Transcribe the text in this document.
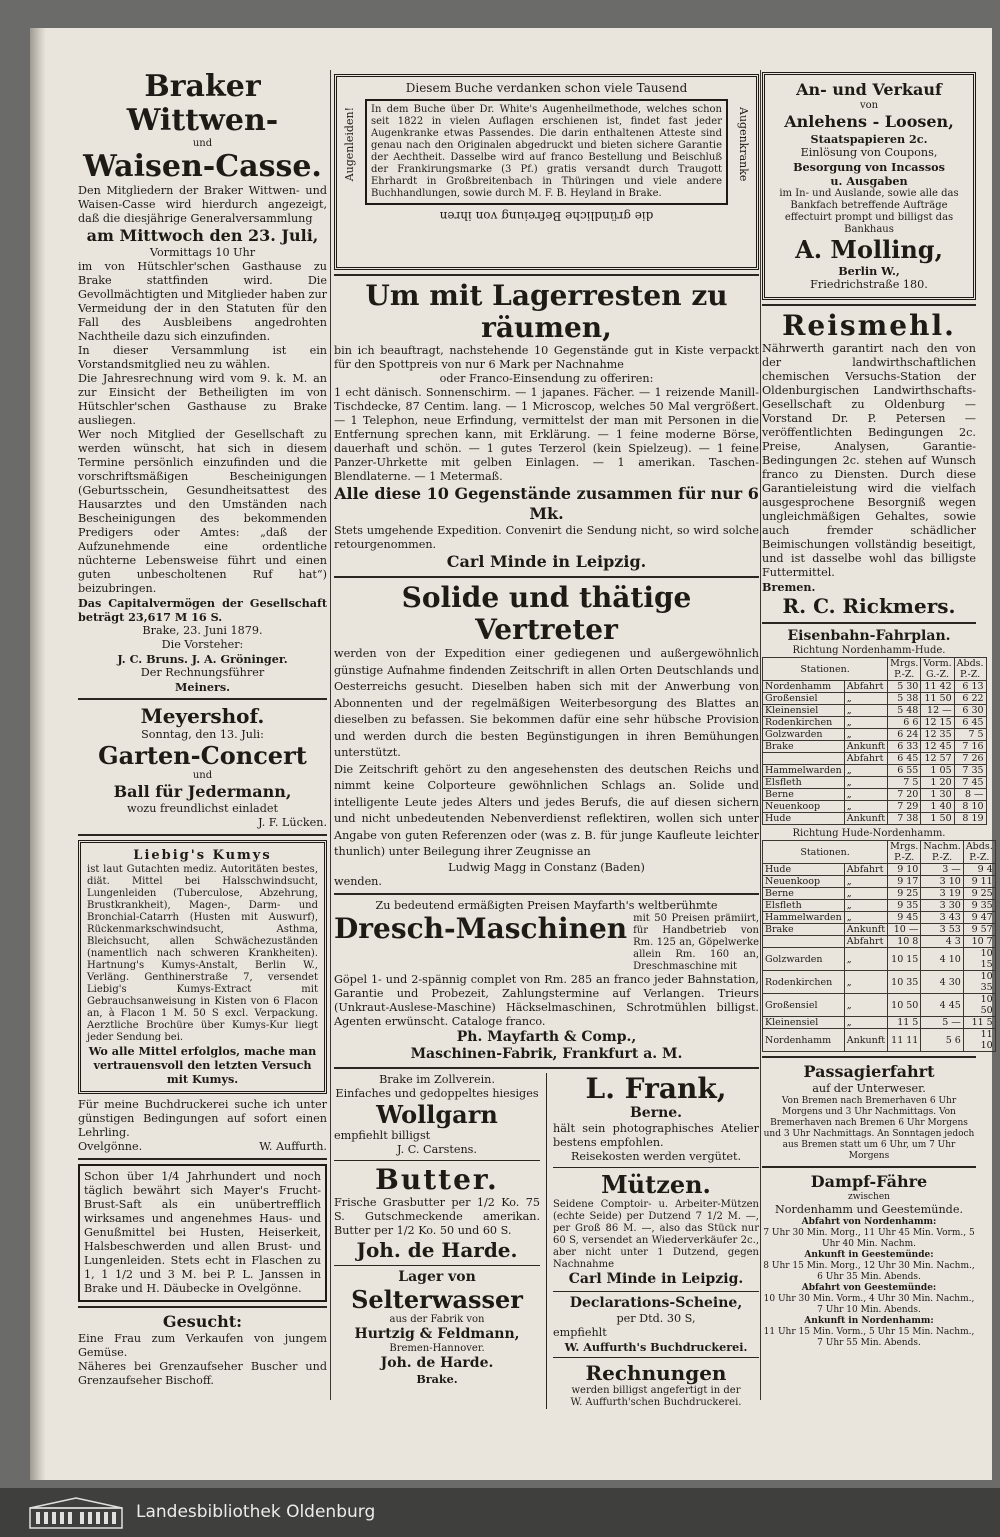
Braker Wittwen-
und
Waisen-Casse.
Den Mitgliedern der Braker Wittwen- und Waisen-Casse wird hierdurch angezeigt, daß die diesjährige Generalversammlung
am Mittwoch den 23. Juli,
Vormittags 10 Uhr
im von Hütschler'schen Gasthause zu Brake stattfinden wird. Die Gevollmächtigten und Mitglieder haben zur Vermeidung der in den Statuten für den Fall des Ausbleibens angedrohten Nachtheile dazu sich einzufinden.
In dieser Versammlung ist ein Vorstandsmitglied neu zu wählen.
Die Jahresrechnung wird vom 9. k. M. an zur Einsicht der Betheiligten im von Hütschler'schen Gasthause zu Brake ausliegen.
Wer noch Mitglied der Gesellschaft zu werden wünscht, hat sich in diesem Termine persönlich einzufinden und die vorschriftsmäßigen Bescheinigungen (Geburtsschein, Gesundheitsattest des Hausarztes und den Umständen nach Bescheinigungen des bekommenden Predigers oder Amtes: „daß der Aufzunehmende eine ordentliche nüchterne Lebensweise führt und einen guten unbescholtenen Ruf hat“) beizubringen.
Das Capitalvermögen der Gesellschaft beträgt 23,617 M 16 S.
Brake, 23. Juni 1879.
Die Vorsteher:
J. C. Bruns. J. A. Gröninger.
Der Rechnungsführer
Meiners.
Meyershof.
Sonntag, den 13. Juli:
Garten-Concert
und
Ball für Jedermann,
wozu freundlichst einladet
J. F. Lücken.
Liebig's Kumys
ist laut Gutachten mediz. Autoritäten bestes, diät. Mittel bei Halsschwindsucht, Lungenleiden (Tuberculose, Abzehrung, Brustkrankheit), Magen-, Darm- und Bronchial-Catarrh (Husten mit Auswurf), Rückenmarkschwindsucht, Asthma, Bleichsucht, allen Schwächezuständen (namentlich nach schweren Krankheiten). Hartnung's Kumys-Anstalt, Berlin W., Verläng. Genthinerstraße 7, versendet Liebig's Kumys-Extract mit Gebrauchsanweisung in Kisten von 6 Flacon an, à Flacon 1 M. 50 S excl. Verpackung. Aerztliche Brochüre über Kumys-Kur liegt jeder Sendung bei.
Wo alle Mittel erfolglos, mache man vertrauensvoll den letzten Versuch mit Kumys.
Für meine Buchdruckerei suche ich unter günstigen Bedingungen auf sofort einen Lehrling.
Ovelgönne.	W. Auffurth.
Schon über 1/4 Jahrhundert und noch täglich bewährt sich Mayer's Frucht-Brust-Saft als ein unübertrefflich wirksames und angenehmes Haus- und Genußmittel bei Husten, Heiserkeit, Halsbeschwerden und allen Brust- und Lungenleiden. Stets echt in Flaschen zu 1, 1 1/2 und 3 M. bei P. L. Janssen in Brake und H. Däubecke in Ovelgönne.
Gesucht:
Eine Frau zum Verkaufen von jungem Gemüse.
Näheres bei Grenzaufseher Buscher und Grenzaufseher Bischoff.
Diesem Buche verdanken schon viele Tausend
Augenleiden!	Augenkranke
In dem Buche über Dr. White's Augenheilmethode, welches schon seit 1822 in vielen Auflagen erschienen ist, findet fast jeder Augenkranke etwas Passendes. Die darin enthaltenen Atteste sind genau nach den Originalen abgedruckt und bieten sichere Garantie der Aechtheit. Dasselbe wird auf franco Bestellung und Beischluß der Frankirungsmarke (3 Pf.) gratis versandt durch Traugott Ehrhardt in Großbreitenbach in Thüringen und viele andere Buchhandlungen, sowie durch M. F. B. Heyland in Brake.
die gründliche Befreiung von ihren
Um mit Lagerresten zu räumen,
bin ich beauftragt, nachstehende 10 Gegenstände gut in Kiste verpackt für den Spottpreis von nur 6 Mark per Nachnahme
oder Franco-Einsendung zu offeriren:
1 echt dänisch. Sonnenschirm. — 1 japanes. Fächer. — 1 reizende Manill-Tischdecke, 87 Centim. lang. — 1 Microscop, welches 50 Mal vergrößert. — 1 Telephon, neue Erfindung, vermittelst der man mit Personen in die Entfernung sprechen kann, mit Erklärung. — 1 feine moderne Börse, dauerhaft und schön. — 1 gutes Terzerol (kein Spielzeug). — 1 feine Panzer-Uhrkette mit gelben Einlagen. — 1 amerikan. Taschen-Blendlaterne. — 1 Metermaß.
Alle diese 10 Gegenstände zusammen für nur 6 Mk.
Stets umgehende Expedition. Convenirt die Sendung nicht, so wird solche retourgenommen.
Carl Minde in Leipzig.
Solide und thätige Vertreter
werden von der Expedition einer gediegenen und außergewöhnlich günstige Aufnahme findenden Zeitschrift in allen Orten Deutschlands und Oesterreichs gesucht. Dieselben haben sich mit der Anwerbung von Abonnenten und der regelmäßigen Weiterbesorgung des Blattes an dieselben zu befassen. Sie bekommen dafür eine sehr hübsche Provision und werden durch die besten Begünstigungen in ihren Bemühungen unterstützt.
Die Zeitschrift gehört zu den angesehensten des deutschen Reichs und nimmt keine Colporteure gewöhnlichen Schlags an. Solide und intelligente Leute jedes Alters und jedes Berufs, die auf diesen sichern und nicht unbedeutenden Nebenverdienst reflektiren, wollen sich unter Angabe von guten Referenzen oder (was z. B. für junge Kaufleute leichter thunlich) unter Beilegung ihrer Zeugnisse an
Ludwig Magg in Constanz (Baden)
wenden.
Zu bedeutend ermäßigten Preisen Mayfarth's weltberühmte
Dresch-Maschinen mit 50 Preisen prämiirt, für Handbetrieb von Rm. 125 an, Göpelwerke allein Rm. 160 an, Dreschmaschine mit
Göpel 1- und 2-spännig complet von Rm. 285 an franco jeder Bahnstation, Garantie und Probezeit, Zahlungstermine auf Verlangen. Trieurs (Unkraut-Auslese-Maschine) Häckselmaschinen, Schrotmühlen billigst. Agenten erwünscht. Cataloge franco.
Ph. Mayfarth & Comp.,
Maschinen-Fabrik, Frankfurt a. M.
Brake im Zollverein.
Einfaches und gedoppeltes hiesiges
Wollgarn
empfiehlt billigst
J. C. Carstens.
Butter.
Frische Grasbutter per 1/2 Ko. 75 S. Gutschmeckende amerikan. Butter per 1/2 Ko. 50 und 60 S.
Joh. de Harde.
Lager von
Selterwasser
aus der Fabrik von
Hurtzig & Feldmann,
Bremen-Hannover.
Joh. de Harde.
Brake.
L. Frank,
Berne.
hält sein photographisches Atelier bestens empfohlen.
Reisekosten werden vergütet.
Mützen.
Seidene Comptoir- u. Arbeiter-Mützen (echte Seide) per Dutzend 7 1/2 M. —, per Groß 86 M. —, also das Stück nur 60 S, versendet an Wiederverkäufer 2c., aber nicht unter 1 Dutzend, gegen Nachnahme
Carl Minde in Leipzig.
Declarations-Scheine,
per Dtd. 30 S,
empfiehlt
W. Auffurth's Buchdruckerei.
Rechnungen
werden billigst angefertigt in der
W. Auffurth'schen Buchdruckerei.
An- und Verkauf
von
Anlehens - Loosen,
Staatspapieren 2c.
Einlösung von Coupons,
Besorgung von Incassos
u. Ausgaben
im In- und Auslande, sowie alle das Bankfach betreffende Aufträge effectuirt prompt und billigst das Bankhaus
A. Molling,
Berlin W.,
Friedrichstraße 180.
Reismehl.
Nährwerth garantirt nach den von der landwirthschaftlichen chemischen Versuchs-Station der Oldenburgischen Landwirthschafts-Gesellschaft zu Oldenburg — Vorstand Dr. P. Petersen — veröffentlichten Bedingungen 2c. Preise, Analysen, Garantie-Bedingungen 2c. stehen auf Wunsch franco zu Diensten. Durch diese Garantieleistung wird die vielfach ausgesprochene Besorgniß wegen ungleichmäßigen Gehaltes, sowie auch fremder schädlicher Beimischungen vollständig beseitigt, und ist dasselbe wohl das billigste Futtermittel.
Bremen.
R. C. Rickmers.
Eisenbahn-Fahrplan.
Richtung Nordenhamm-Hude.
Stationen.		Mrgs. P.-Z.	Vorm. G.-Z.	Abds. P.-Z.
Nordenhamm	Abfahrt	5 30	11 42	6 13
Großensiel	„	5 38	11 50	6 22
Kleinensiel	„	5 48	12 —	6 30
Rodenkirchen	„	6 6	12 15	6 45
Golzwarden	„	6 24	12 35	7 5
Brake	Ankunft	6 33	12 45	7 16
	Abfahrt	6 45	12 57	7 26
Hammelwarden	„	6 55	1 05	7 35
Elsfleth	„	7 5	1 20	7 45
Berne	„	7 20	1 30	8 —
Neuenkoop	„	7 29	1 40	8 10
Hude	Ankunft	7 38	1 50	8 19
Richtung Hude-Nordenhamm.
Stationen.		Mrgs. P.-Z.	Nachm. P.-Z.	Abds. P.-Z.
Hude	Abfahrt	9 10	3 —	9 4
Neuenkoop	„	9 17	3 10	9 11
Berne	„	9 25	3 19	9 25
Elsfleth	„	9 35	3 30	9 35
Hammelwarden	„	9 45	3 43	9 47
Brake	Ankunft	10 —	3 53	9 57
	Abfahrt	10 8	4 3	10 7
Golzwarden	„	10 15	4 10	10 15
Rodenkirchen	„	10 35	4 30	10 35
Großensiel	„	10 50	4 45	10 50
Kleinensiel	„	11 5	5 —	11 5
Nordenhamm	Ankunft	11 11	5 6	11 10
Passagierfahrt
auf der Unterweser.
Von Bremen nach Bremerhaven 6 Uhr Morgens und 3 Uhr Nachmittags. Von Bremerhaven nach Bremen 6 Uhr Morgens und 3 Uhr Nachmittags. An Sonntagen jedoch aus Bremen statt um 6 Uhr, um 7 Uhr Morgens
Dampf-Fähre
zwischen
Nordenhamm und Geestemünde.
Abfahrt von Nordenhamm:
7 Uhr 30 Min. Morg., 11 Uhr 45 Min. Vorm., 5 Uhr 40 Min. Nachm.
Ankunft in Geestemünde:
8 Uhr 15 Min. Morg., 12 Uhr 30 Min. Nachm., 6 Uhr 35 Min. Abends.
Abfahrt von Geestemünde:
10 Uhr 30 Min. Vorm., 4 Uhr 30 Min. Nachm., 7 Uhr 10 Min. Abends.
Ankunft in Nordenhamm:
11 Uhr 15 Min. Vorm., 5 Uhr 15 Min. Nachm., 7 Uhr 55 Min. Abends.
Landesbibliothek Oldenburg
